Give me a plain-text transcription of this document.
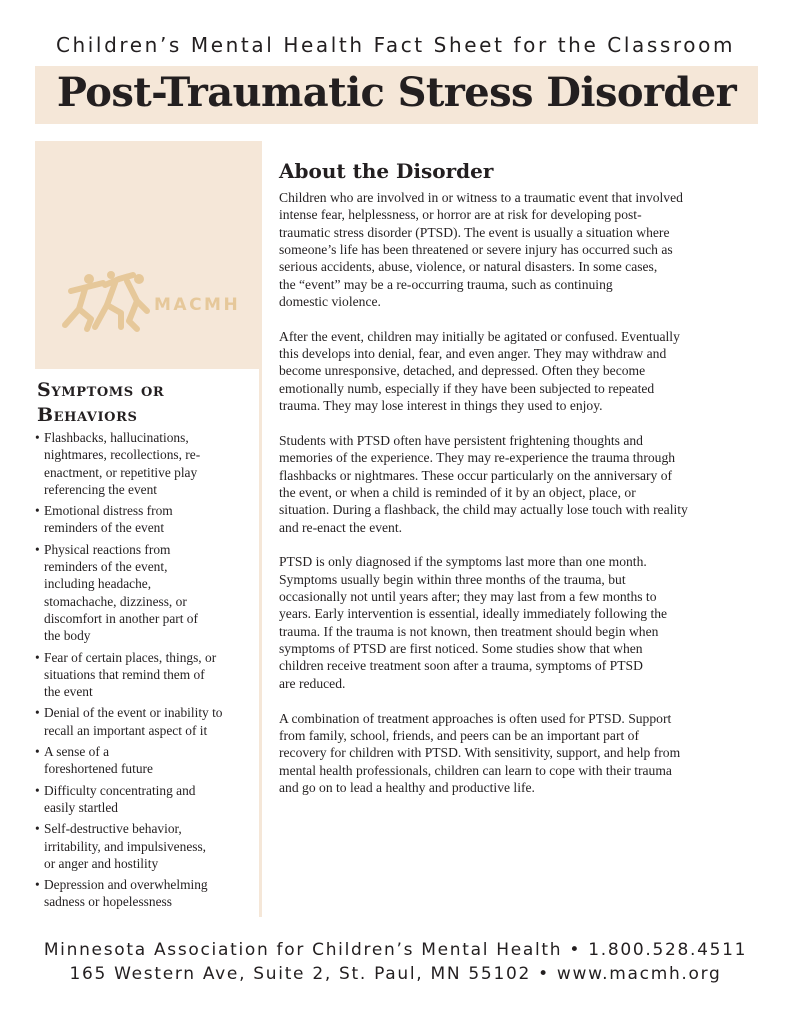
Children’s Mental Health Fact Sheet for the Classroom
Post-Traumatic Stress Disorder
MACMH
Symptoms or Behaviors
• Flashbacks, hallucinations,
nightmares, recollections, re-
enactment, or repetitive play
referencing the event
• Emotional distress from
reminders of the event
• Physical reactions from
reminders of the event,
including headache,
stomachache, dizziness, or
discomfort in another part of
the body
• Fear of certain places, things, or
situations that remind them of
the event
• Denial of the event or inability to
recall an important aspect of it
• A sense of a
foreshortened future
• Difficulty concentrating and
easily startled
• Self-destructive behavior,
irritability, and impulsiveness,
or anger and hostility
• Depression and overwhelming
sadness or hopelessness
About the Disorder

Children who are involved in or witness to a traumatic event that involved
intense fear, helplessness, or horror are at risk for developing post-
traumatic stress disorder (PTSD). The event is usually a situation where
someone’s life has been threatened or severe injury has occurred such as
serious accidents, abuse, violence, or natural disasters. In some cases,
the “event” may be a re-occurring trauma, such as continuing
domestic violence.

After the event, children may initially be agitated or confused. Eventually
this develops into denial, fear, and even anger. They may withdraw and
become unresponsive, detached, and depressed. Often they become
emotionally numb, especially if they have been subjected to repeated
trauma. They may lose interest in things they used to enjoy.

Students with PTSD often have persistent frightening thoughts and
memories of the experience. They may re-experience the trauma through
flashbacks or nightmares. These occur particularly on the anniversary of
the event, or when a child is reminded of it by an object, place, or
situation. During a flashback, the child may actually lose touch with reality
and re-enact the event.

PTSD is only diagnosed if the symptoms last more than one month.
Symptoms usually begin within three months of the trauma, but
occasionally not until years after; they may last from a few months to
years. Early intervention is essential, ideally immediately following the
trauma. If the trauma is not known, then treatment should begin when
symptoms of PTSD are first noticed. Some studies show that when
children receive treatment soon after a trauma, symptoms of PTSD
are reduced.

A combination of treatment approaches is often used for PTSD. Support
from family, school, friends, and peers can be an important part of
recovery for children with PTSD. With sensitivity, support, and help from
mental health professionals, children can learn to cope with their trauma
and go on to lead a healthy and productive life.

Minnesota Association for Children’s Mental Health • 1.800.528.4511
165 Western Ave, Suite 2, St. Paul, MN 55102 • www.macmh.org
